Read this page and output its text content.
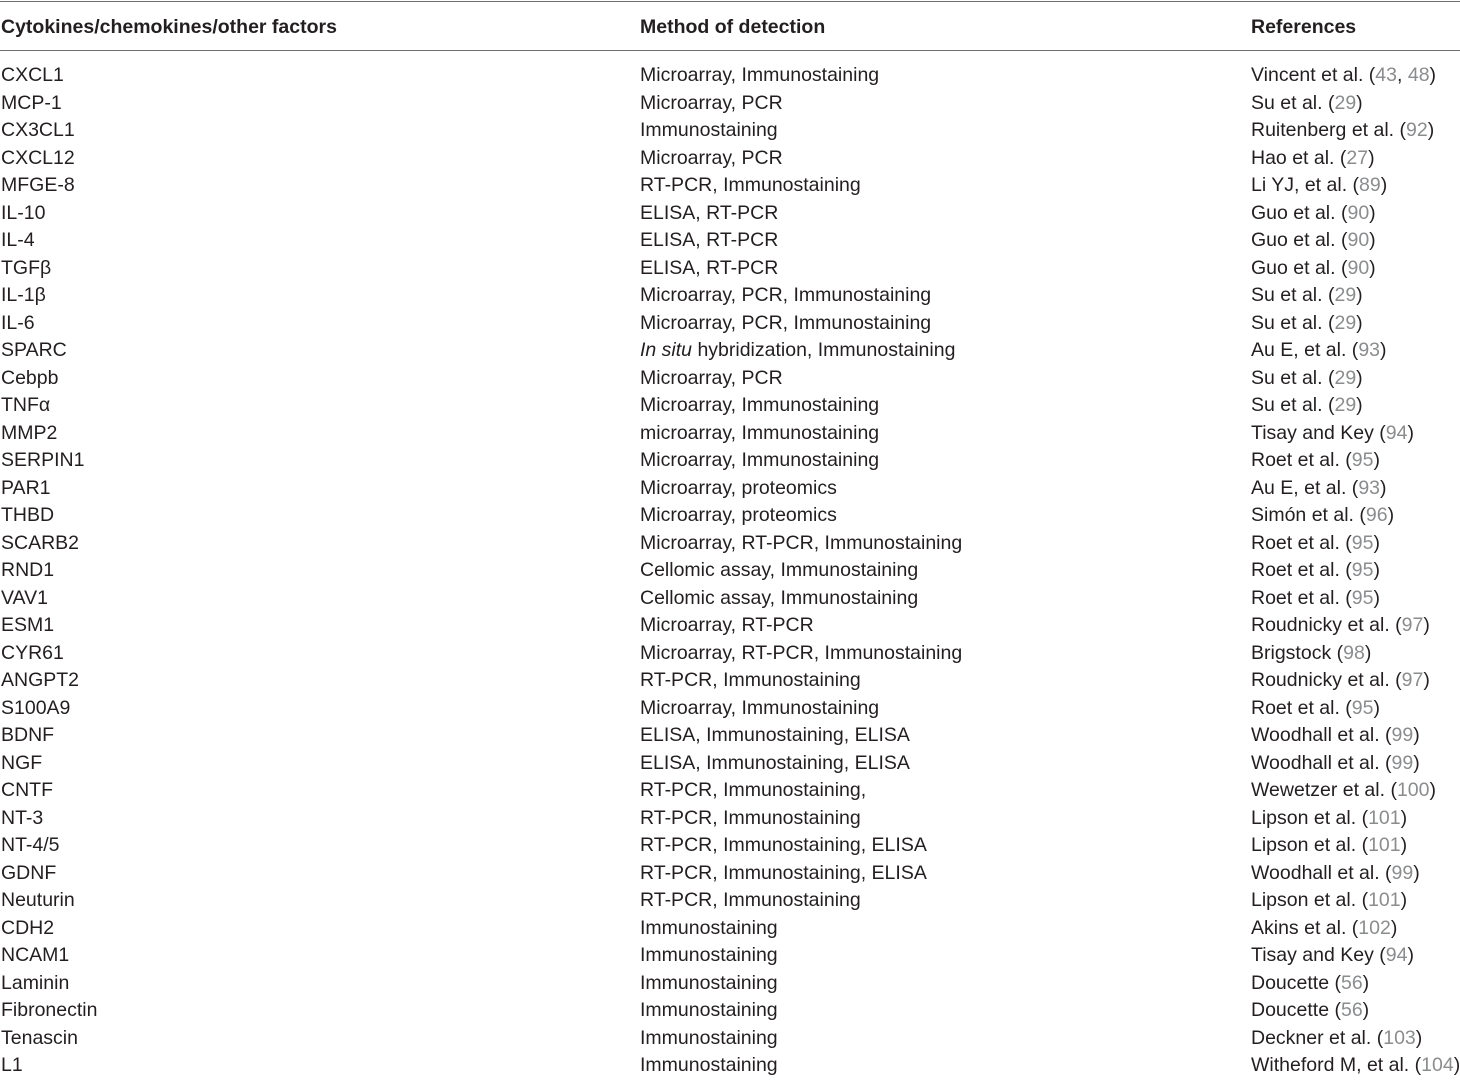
Cytokines/chemokines/other factors	Method of detection	References
CXCL1	Microarray, Immunostaining	Vincent et al. (43, 48)
MCP-1	Microarray, PCR	Su et al. (29)
CX3CL1	Immunostaining	Ruitenberg et al. (92)
CXCL12	Microarray, PCR	Hao et al. (27)
MFGE-8	RT-PCR, Immunostaining	Li YJ, et al. (89)
IL-10	ELISA, RT-PCR	Guo et al. (90)
IL-4	ELISA, RT-PCR	Guo et al. (90)
TGFβ	ELISA, RT-PCR	Guo et al. (90)
IL-1β	Microarray, PCR, Immunostaining	Su et al. (29)
IL-6	Microarray, PCR, Immunostaining	Su et al. (29)
SPARC	In situ hybridization, Immunostaining	Au E, et al. (93)
Cebpb	Microarray, PCR	Su et al. (29)
TNFα	Microarray, Immunostaining	Su et al. (29)
MMP2	microarray, Immunostaining	Tisay and Key (94)
SERPIN1	Microarray, Immunostaining	Roet et al. (95)
PAR1	Microarray, proteomics	Au E, et al. (93)
THBD	Microarray, proteomics	Simón et al. (96)
SCARB2	Microarray, RT-PCR, Immunostaining	Roet et al. (95)
RND1	Cellomic assay, Immunostaining	Roet et al. (95)
VAV1	Cellomic assay, Immunostaining	Roet et al. (95)
ESM1	Microarray, RT-PCR	Roudnicky et al. (97)
CYR61	Microarray, RT-PCR, Immunostaining	Brigstock (98)
ANGPT2	RT-PCR, Immunostaining	Roudnicky et al. (97)
S100A9	Microarray, Immunostaining	Roet et al. (95)
BDNF	ELISA, Immunostaining, ELISA	Woodhall et al. (99)
NGF	ELISA, Immunostaining, ELISA	Woodhall et al. (99)
CNTF	RT-PCR, Immunostaining,	Wewetzer et al. (100)
NT-3	RT-PCR, Immunostaining	Lipson et al. (101)
NT-4/5	RT-PCR, Immunostaining, ELISA	Lipson et al. (101)
GDNF	RT-PCR, Immunostaining, ELISA	Woodhall et al. (99)
Neuturin	RT-PCR, Immunostaining	Lipson et al. (101)
CDH2	Immunostaining	Akins et al. (102)
NCAM1	Immunostaining	Tisay and Key (94)
Laminin	Immunostaining	Doucette (56)
Fibronectin	Immunostaining	Doucette (56)
Tenascin	Immunostaining	Deckner et al. (103)
L1	Immunostaining	Witheford M, et al. (104)
